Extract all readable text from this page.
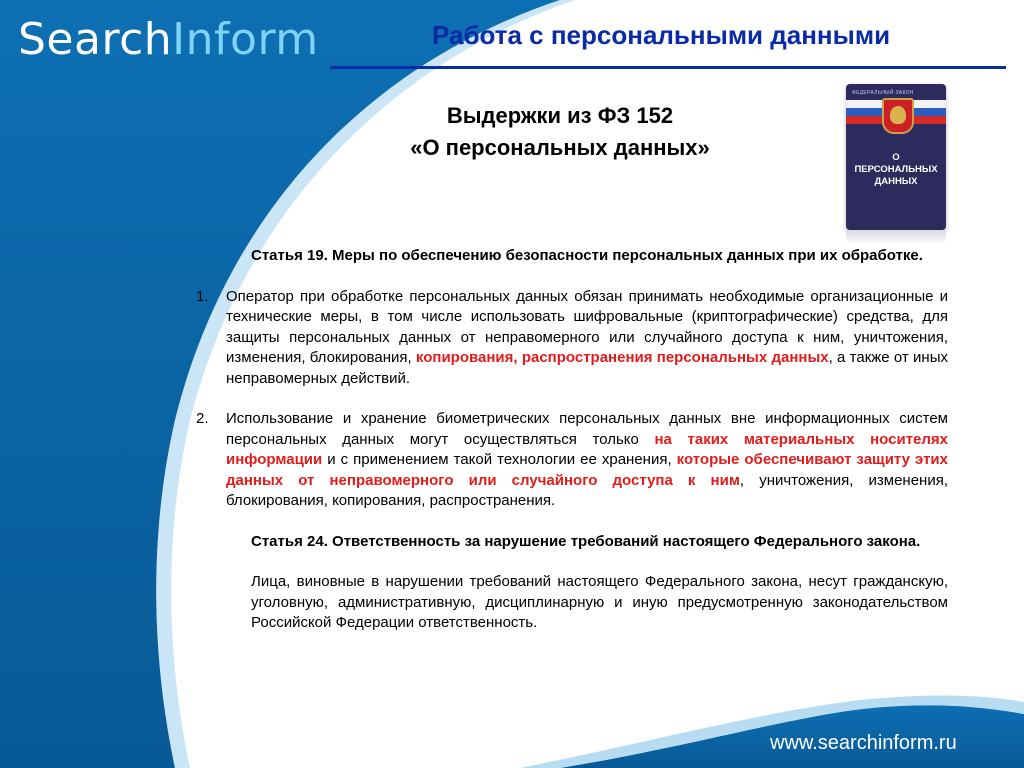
SearchInform	Работа с персональными данными
Выдержки из ФЗ 152
«О персональных данных»
ФЕДЕРАЛЬНЫЙ ЗАКОН
О ПЕРСОНАЛЬНЫХ
ДАННЫХ
Статья 19. Меры по обеспечению безопасности персональных данных при их обработке.
1.	Оператор при обработке персональных данных обязан принимать необходимые организационные и технические меры, в том числе использовать шифровальные (криптографические) средства, для защиты персональных данных от неправомерного или случайного доступа к ним, уничтожения, изменения, блокирования, копирования, распространения персональных данных, а также от иных неправомерных действий.
2.	Использование и хранение биометрических персональных данных вне информационных систем персональных данных могут осуществляться только на таких материальных носителях информации и с применением такой технологии ее хранения, которые обеспечивают защиту этих данных от неправомерного или случайного доступа к ним, уничтожения, изменения, блокирования, копирования, распространения.
Статья 24. Ответственность за нарушение требований настоящего Федерального закона.
Лица, виновные в нарушении требований настоящего Федерального закона, несут гражданскую, уголовную, административную, дисциплинарную и иную предусмотренную законодательством Российской Федерации ответственность.
www.searchinform.ru
